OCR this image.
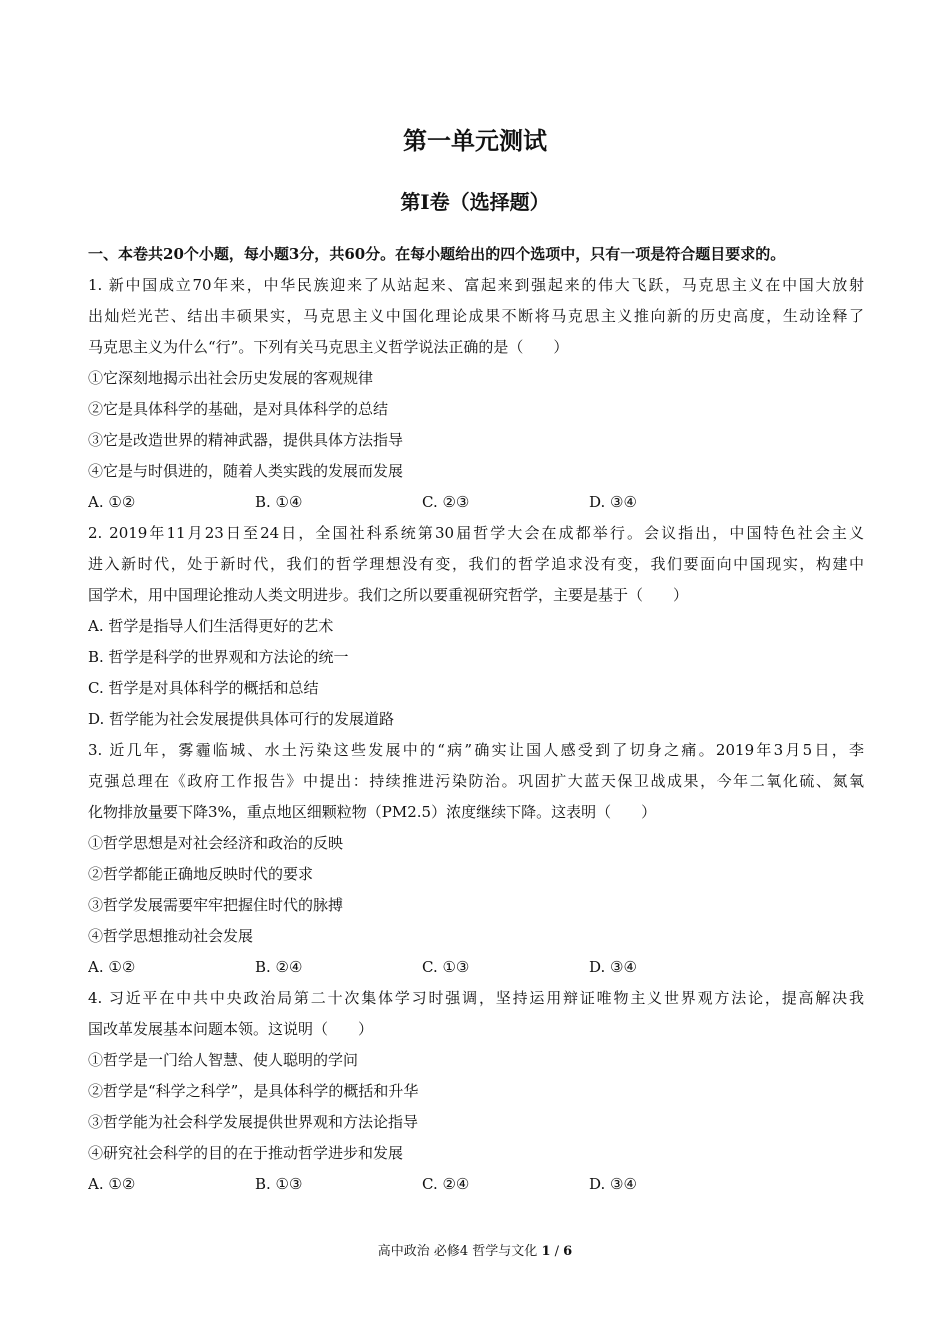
第一单元测试
第Ⅰ卷（选择题）
一、本卷共20个小题，每小题3分，共60分。在每小题给出的四个选项中，只有一项是符合题目要求的。
1. 新中国成立70年来，中华民族迎来了从站起来、富起来到强起来的伟大飞跃，马克思主义在中国大放射
出灿烂光芒、结出丰硕果实，马克思主义中国化理论成果不断将马克思主义推向新的历史高度，生动诠释了
马克思主义为什么“行”。下列有关马克思主义哲学说法正确的是（　　）
①它深刻地揭示出社会历史发展的客观规律
②它是具体科学的基础，是对具体科学的总结
③它是改造世界的精神武器，提供具体方法指导
④它是与时俱进的，随着人类实践的发展而发展
A. ①②	B. ①④	C. ②③	D. ③④
2. 2019年11月23日至24日，全国社科系统第30届哲学大会在成都举行。会议指出，中国特色社会主义
进入新时代，处于新时代，我们的哲学理想没有变，我们的哲学追求没有变，我们要面向中国现实，构建中
国学术，用中国理论推动人类文明进步。我们之所以要重视研究哲学，主要是基于（　　）
A. 哲学是指导人们生活得更好的艺术
B. 哲学是科学的世界观和方法论的统一
C. 哲学是对具体科学的概括和总结
D. 哲学能为社会发展提供具体可行的发展道路
3. 近几年，雾霾临城、水土污染这些发展中的“病”确实让国人感受到了切身之痛。2019年3月5日，李
克强总理在《政府工作报告》中提出：持续推进污染防治。巩固扩大蓝天保卫战成果，今年二氧化硫、氮氧
化物排放量要下降3%，重点地区细颗粒物（PM2.5）浓度继续下降。这表明（　　）
①哲学思想是对社会经济和政治的反映
②哲学都能正确地反映时代的要求
③哲学发展需要牢牢把握住时代的脉搏
④哲学思想推动社会发展
A. ①②	B. ②④	C. ①③	D. ③④
4. 习近平在中共中央政治局第二十次集体学习时强调，坚持运用辩证唯物主义世界观方法论，提高解决我
国改革发展基本问题本领。这说明（　　）
①哲学是一门给人智慧、使人聪明的学问
②哲学是“科学之科学”，是具体科学的概括和升华
③哲学能为社会科学发展提供世界观和方法论指导
④研究社会科学的目的在于推动哲学进步和发展
A. ①②	B. ①③	C. ②④	D. ③④
高中政治 必修4 哲学与文化 1 / 6
